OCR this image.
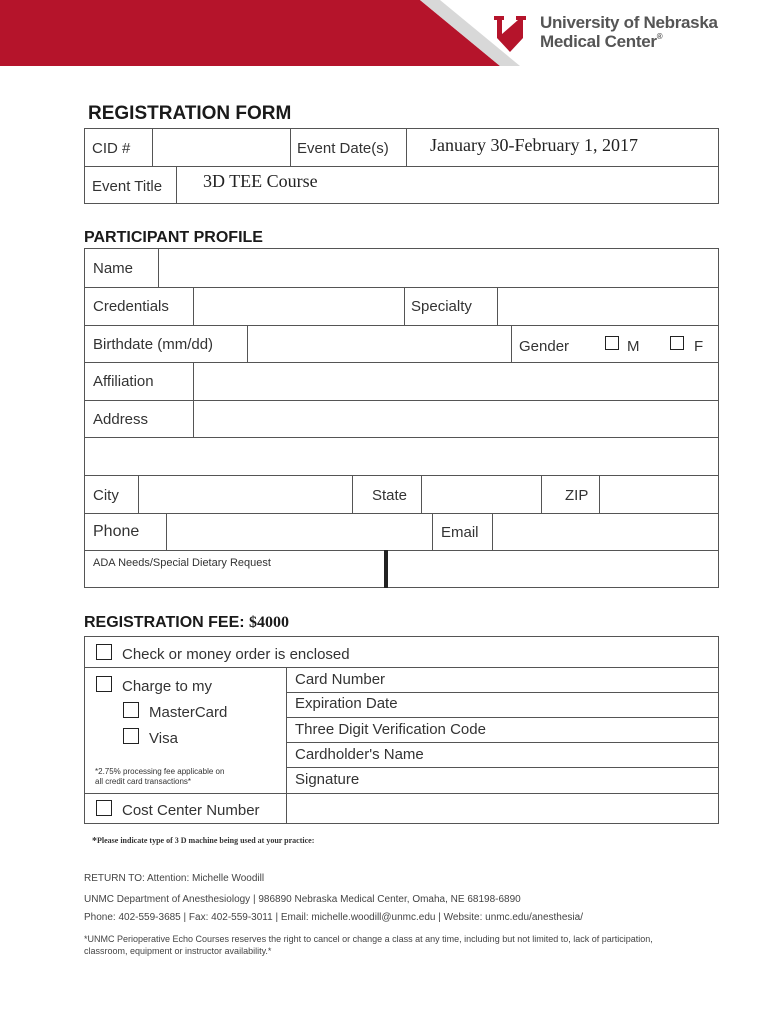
University of Nebraska
Medical Center®
REGISTRATION FORM
CID #	Event Date(s) January 30-February 1, 2017
Event Title 3D TEE Course
PARTICIPANT PROFILE
Name
Credentials	Specialty
Birthdate (mm/dd)	Gender	M	F
Affiliation
Address
City	State	ZIP
Phone	Email
ADA Needs/Special Dietary Request
REGISTRATION FEE: $4000
Check or money order is enclosed
Charge to my
MasterCard
Visa
*2.75% processing fee applicable on
all credit card transactions*
Card Number
Expiration Date
Three Digit Verification Code
Cardholder's Name
Signature
Cost Center Number
*Please indicate type of 3 D machine being used at your practice:
RETURN TO: Attention: Michelle Woodill
UNMC Department of Anesthesiology | 986890 Nebraska Medical Center, Omaha, NE 68198-6890
Phone: 402-559-3685 | Fax: 402-559-3011 | Email: michelle.woodill@unmc.edu | Website: unmc.edu/anesthesia/
*UNMC Perioperative Echo Courses reserves the right to cancel or change a class at any time, including but not limited to, lack of participation,
classroom, equipment or instructor availability.*
